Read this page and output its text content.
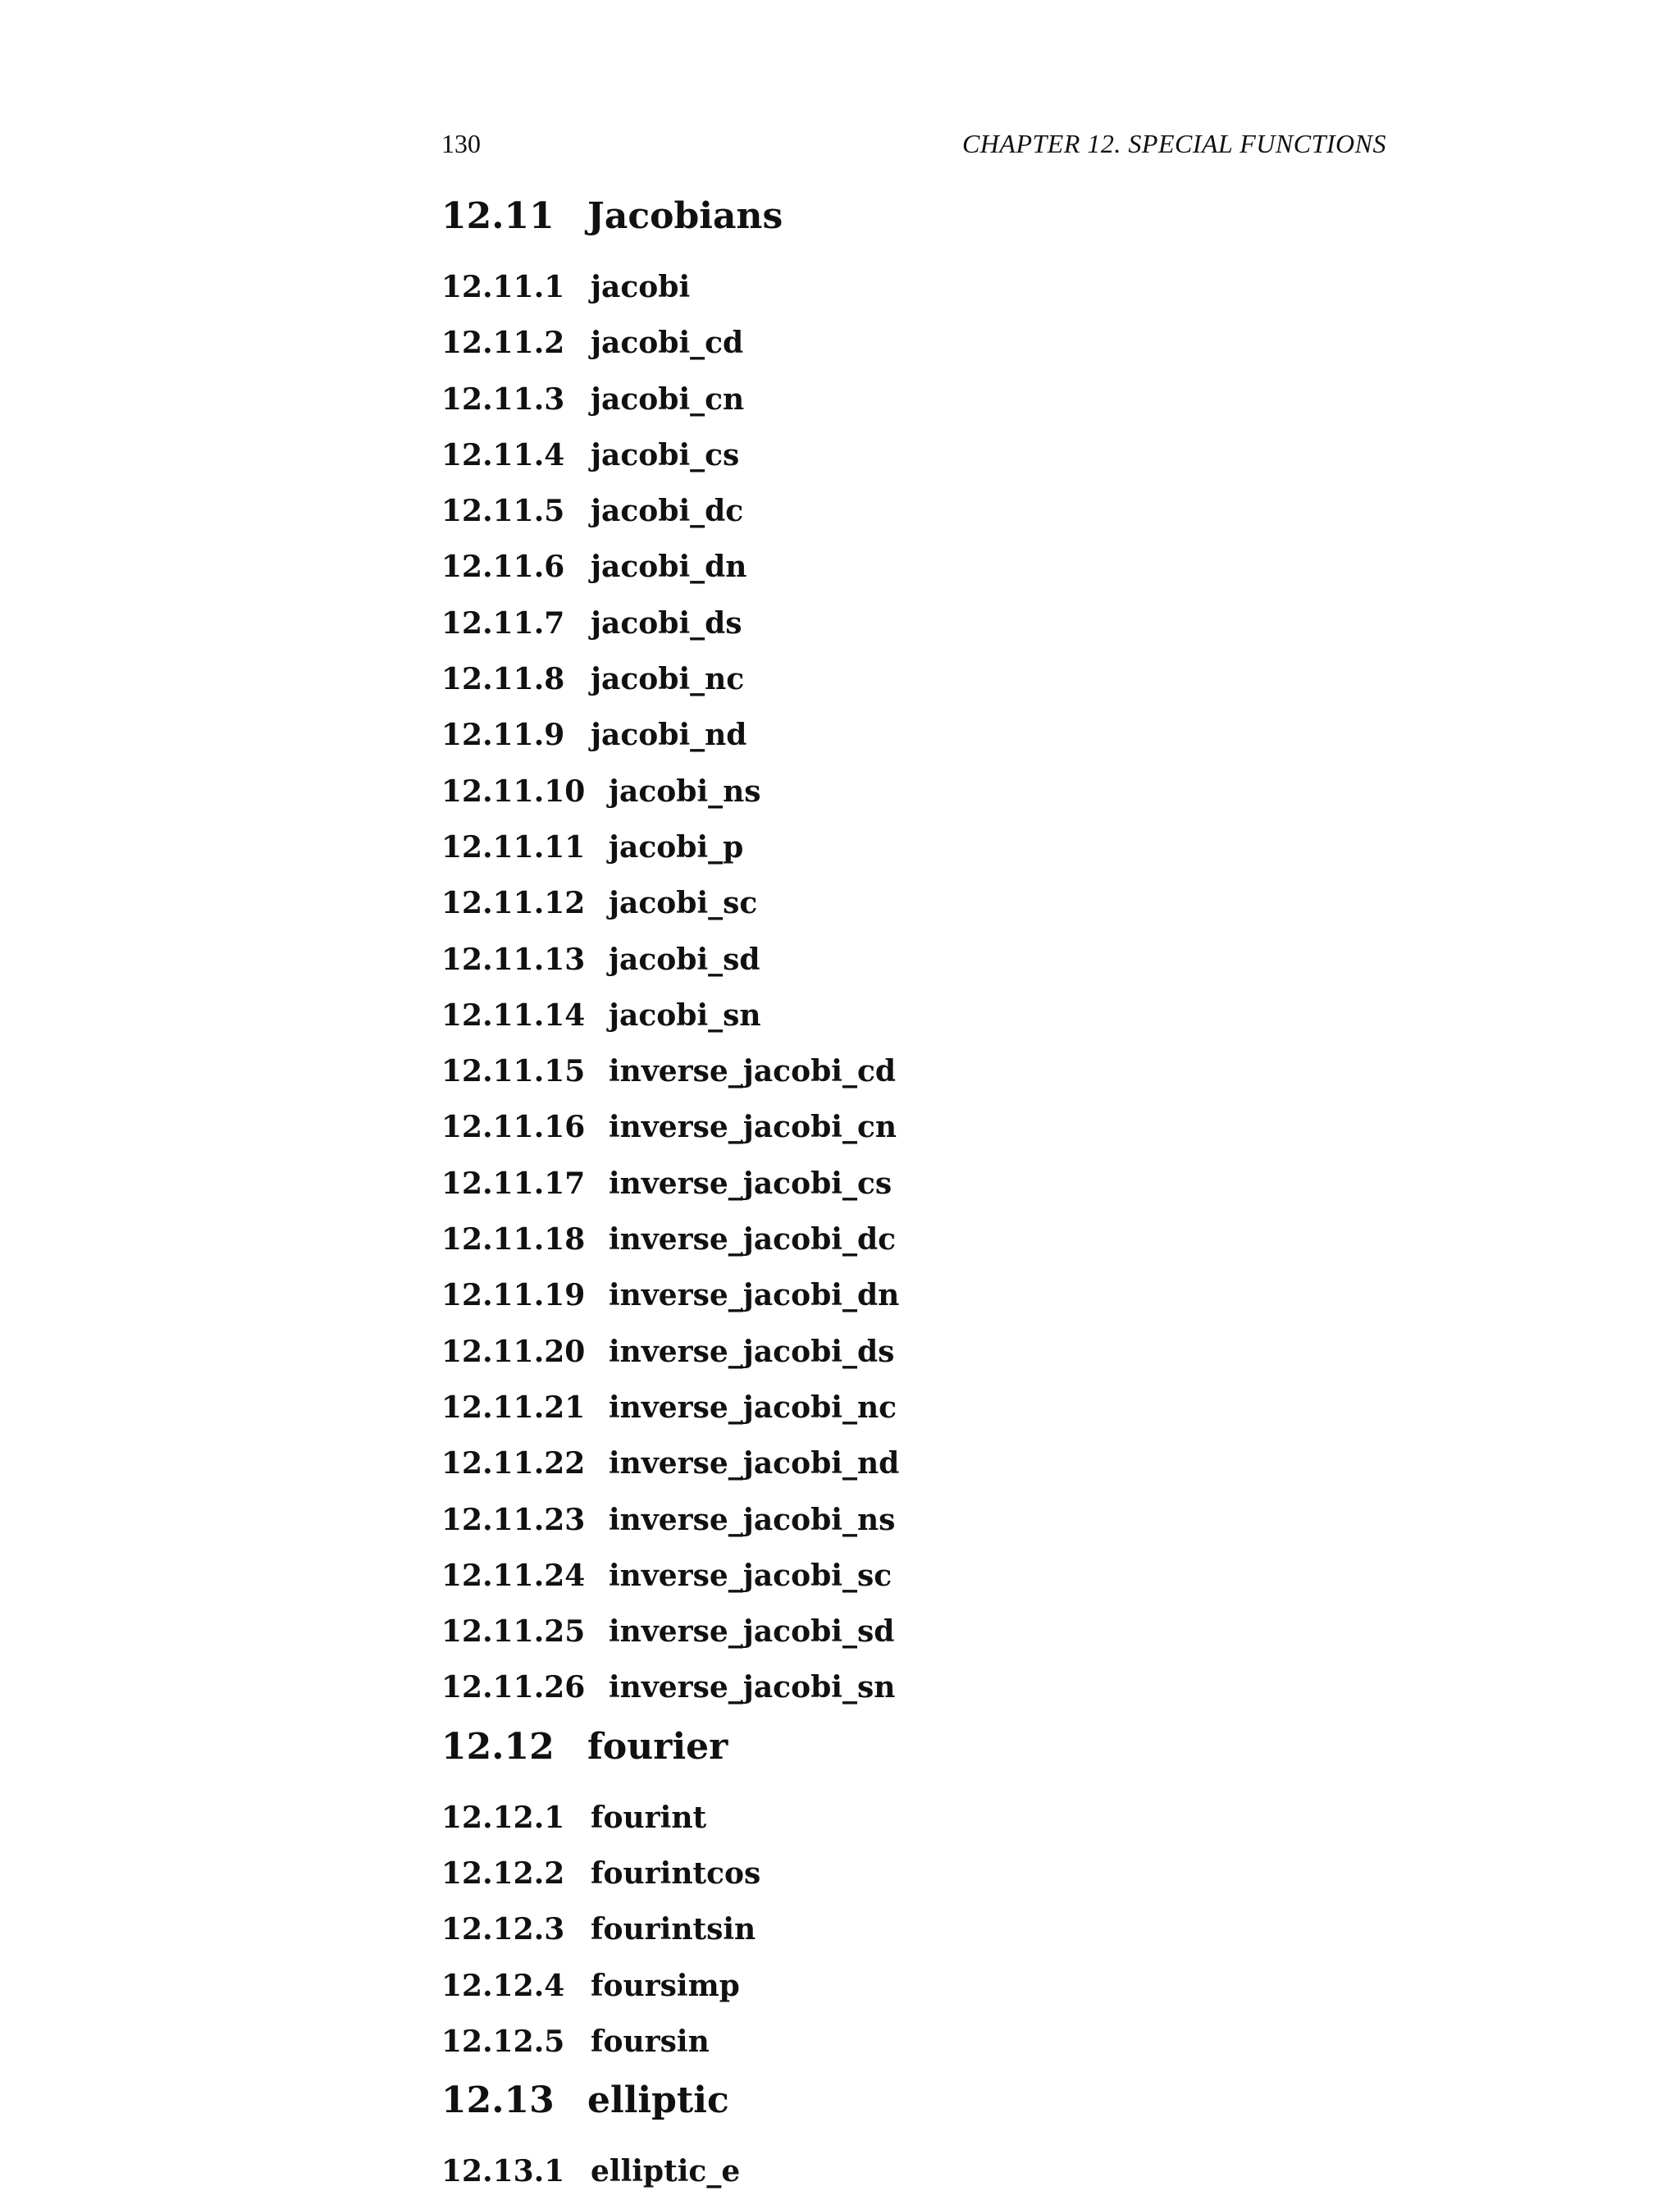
130	CHAPTER 12. SPECIAL FUNCTIONS
12.11 Jacobians
12.11.1 jacobi
12.11.2 jacobi_cd
12.11.3 jacobi_cn
12.11.4 jacobi_cs
12.11.5 jacobi_dc
12.11.6 jacobi_dn
12.11.7 jacobi_ds
12.11.8 jacobi_nc
12.11.9 jacobi_nd
12.11.10 jacobi_ns
12.11.11 jacobi_p
12.11.12 jacobi_sc
12.11.13 jacobi_sd
12.11.14 jacobi_sn
12.11.15 inverse_jacobi_cd
12.11.16 inverse_jacobi_cn
12.11.17 inverse_jacobi_cs
12.11.18 inverse_jacobi_dc
12.11.19 inverse_jacobi_dn
12.11.20 inverse_jacobi_ds
12.11.21 inverse_jacobi_nc
12.11.22 inverse_jacobi_nd
12.11.23 inverse_jacobi_ns
12.11.24 inverse_jacobi_sc
12.11.25 inverse_jacobi_sd
12.11.26 inverse_jacobi_sn
12.12 fourier
12.12.1 fourint
12.12.2 fourintcos
12.12.3 fourintsin
12.12.4 foursimp
12.12.5 foursin
12.13 elliptic
12.13.1 elliptic_e
